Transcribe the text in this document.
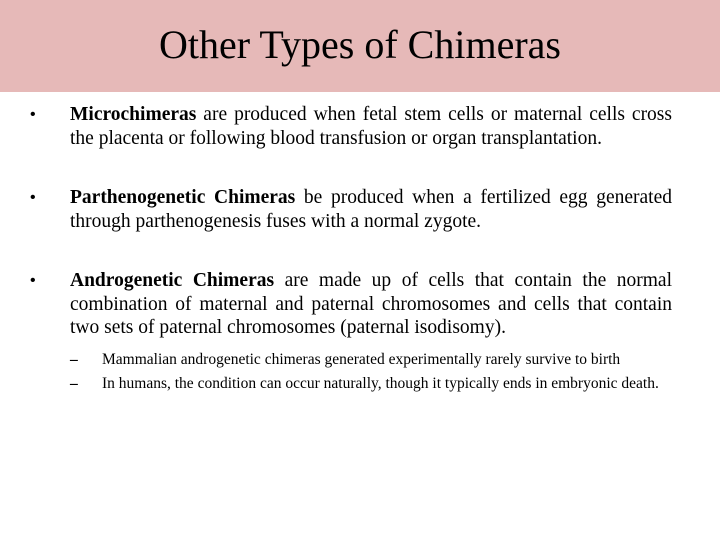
Other Types of Chimeras
•	Microchimeras are produced when fetal stem cells or maternal cells cross the placenta or following blood transfusion or organ transplantation.
•	Parthenogenetic Chimeras be produced when a fertilized egg generated through parthenogenesis fuses with a normal zygote.
•	Androgenetic Chimeras are made up of cells that contain the normal combination of maternal and paternal chromosomes and cells that contain two sets of paternal chromosomes (paternal isodisomy).
– Mammalian androgenetic chimeras generated experimentally rarely survive to birth
– In humans, the condition can occur naturally, though it typically ends in embryonic death.
